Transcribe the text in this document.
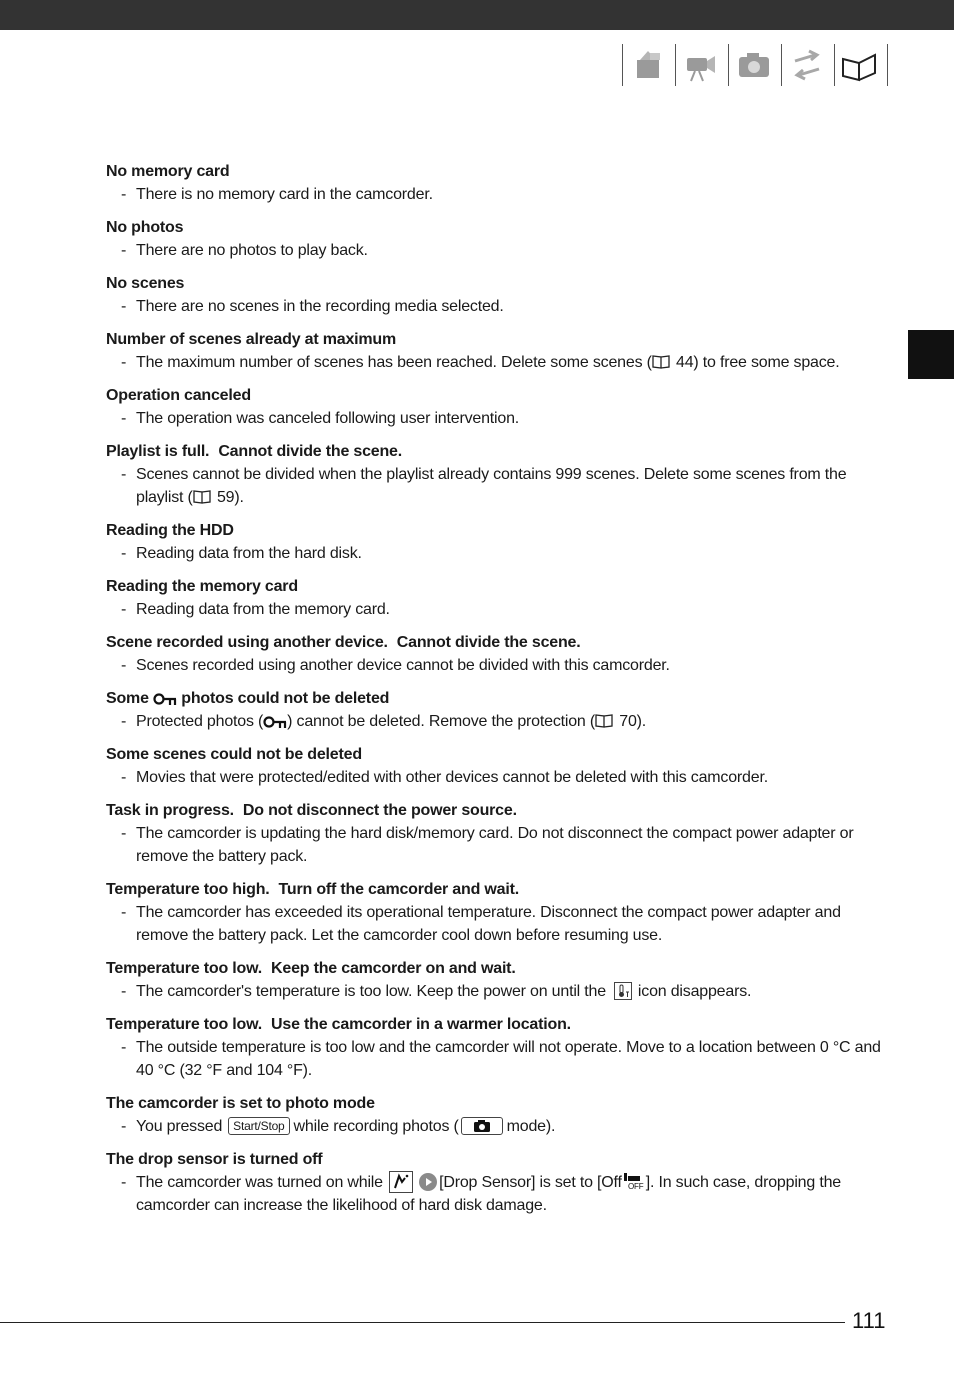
No memory card
- There is no memory card in the camcorder.
No photos
- There are no photos to play back.
No scenes
- There are no scenes in the recording media selected.
Number of scenes already at maximum
- The maximum number of scenes has been reached. Delete some scenes ( 44) to free some space.
Operation canceled
- The operation was canceled following user intervention.
Playlist is full. Cannot divide the scene.
- Scenes cannot be divided when the playlist already contains 999 scenes. Delete some scenes from the playlist ( 59).
Reading the HDD
- Reading data from the hard disk.
Reading the memory card
- Reading data from the memory card.
Scene recorded using another device. Cannot divide the scene.
- Scenes recorded using another device cannot be divided with this camcorder.
Some photos could not be deleted
- Protected photos ( ) cannot be deleted. Remove the protection ( 70).
Some scenes could not be deleted
- Movies that were protected/edited with other devices cannot be deleted with this camcorder.
Task in progress. Do not disconnect the power source.
- The camcorder is updating the hard disk/memory card. Do not disconnect the compact power adapter or remove the battery pack.
Temperature too high. Turn off the camcorder and wait.
- The camcorder has exceeded its operational temperature. Disconnect the compact power adapter and remove the battery pack. Let the camcorder cool down before resuming use.
Temperature too low. Keep the camcorder on and wait.
- The camcorder's temperature is too low. Keep the power on until the icon disappears.
Temperature too low. Use the camcorder in a warmer location.
- The outside temperature is too low and the camcorder will not operate. Move to a location between 0 °C and 40 °C (32 °F and 104 °F).
The camcorder is set to photo mode
- You pressed Start/Stop while recording photos (	mode).
The drop sensor is turned off
- The camcorder was turned on while	[Drop Sensor] is set to [Off OFF ]. In such case, dropping the camcorder can increase the likelihood of hard disk damage.
111
